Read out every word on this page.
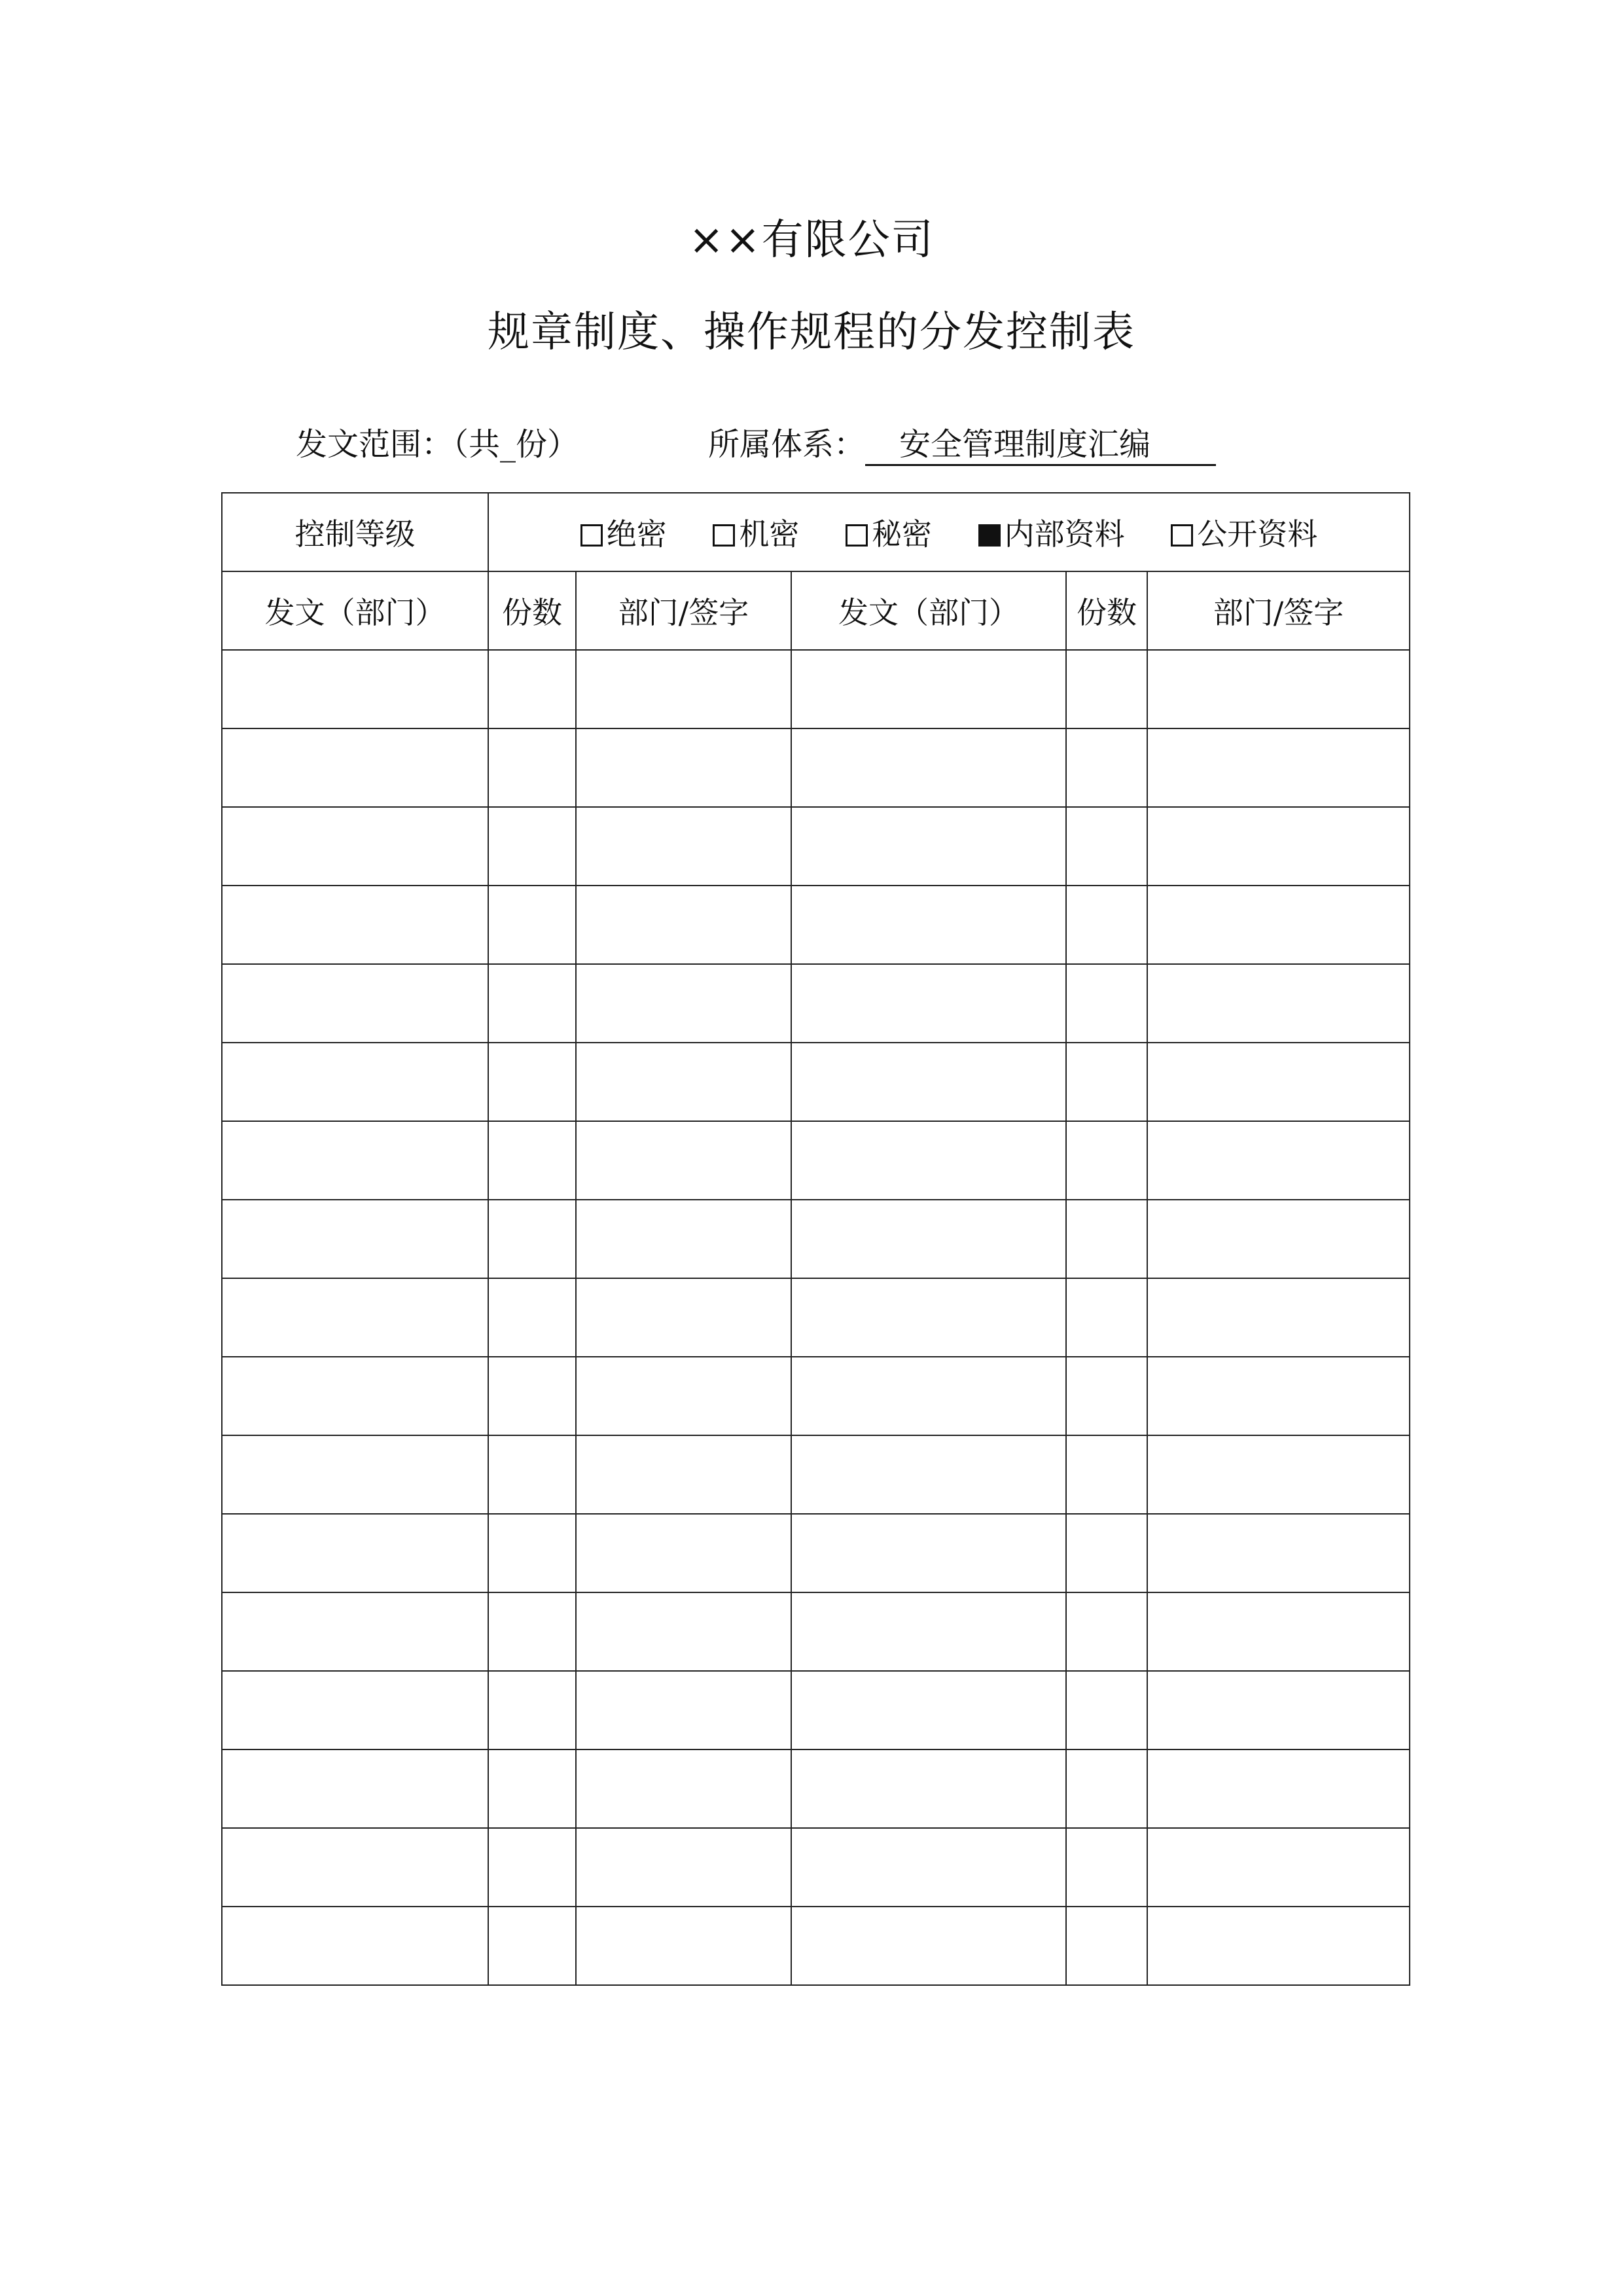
××有限公司
规章制度、操作规程的分发控制表
发文范围：（共_份）	所属体系： 安全管理制度汇编
控制等级	绝密 机密 秘密 内部资料 公开资料				
发文（部门）	份数	部门/签字	发文（部门）	份数	部门/签字
